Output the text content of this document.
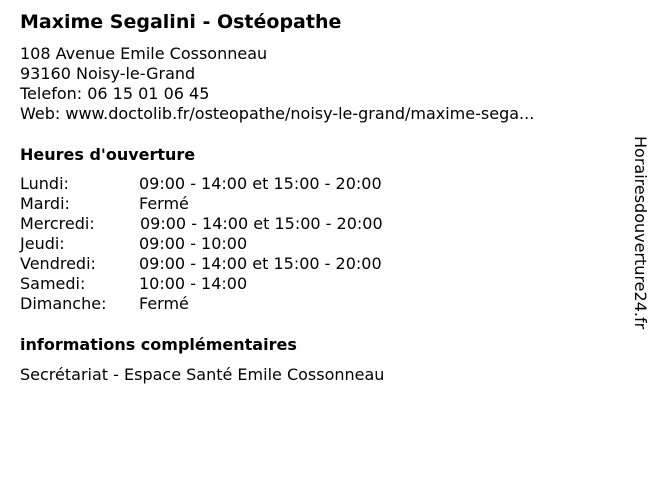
Maxime Segalini - Ostéopathe
108 Avenue Emile Cossonneau
93160 Noisy-le-Grand
Telefon: 06 15 01 06 45
Web: www.doctolib.fr/osteopathe/noisy-le-grand/maxime-sega...
Heures d'ouverture
Lundi:	09:00 - 14:00 et 15:00 - 20:00
Mardi:	Fermé
Mercredi:	09:00 - 14:00 et 15:00 - 20:00
Jeudi:	09:00 - 10:00
Vendredi:	09:00 - 14:00 et 15:00 - 20:00
Samedi:	10:00 - 14:00
Dimanche: Fermé
informations complémentaires
Secrétariat - Espace Santé Emile Cossonneau
Horairesdouverture24.fr
